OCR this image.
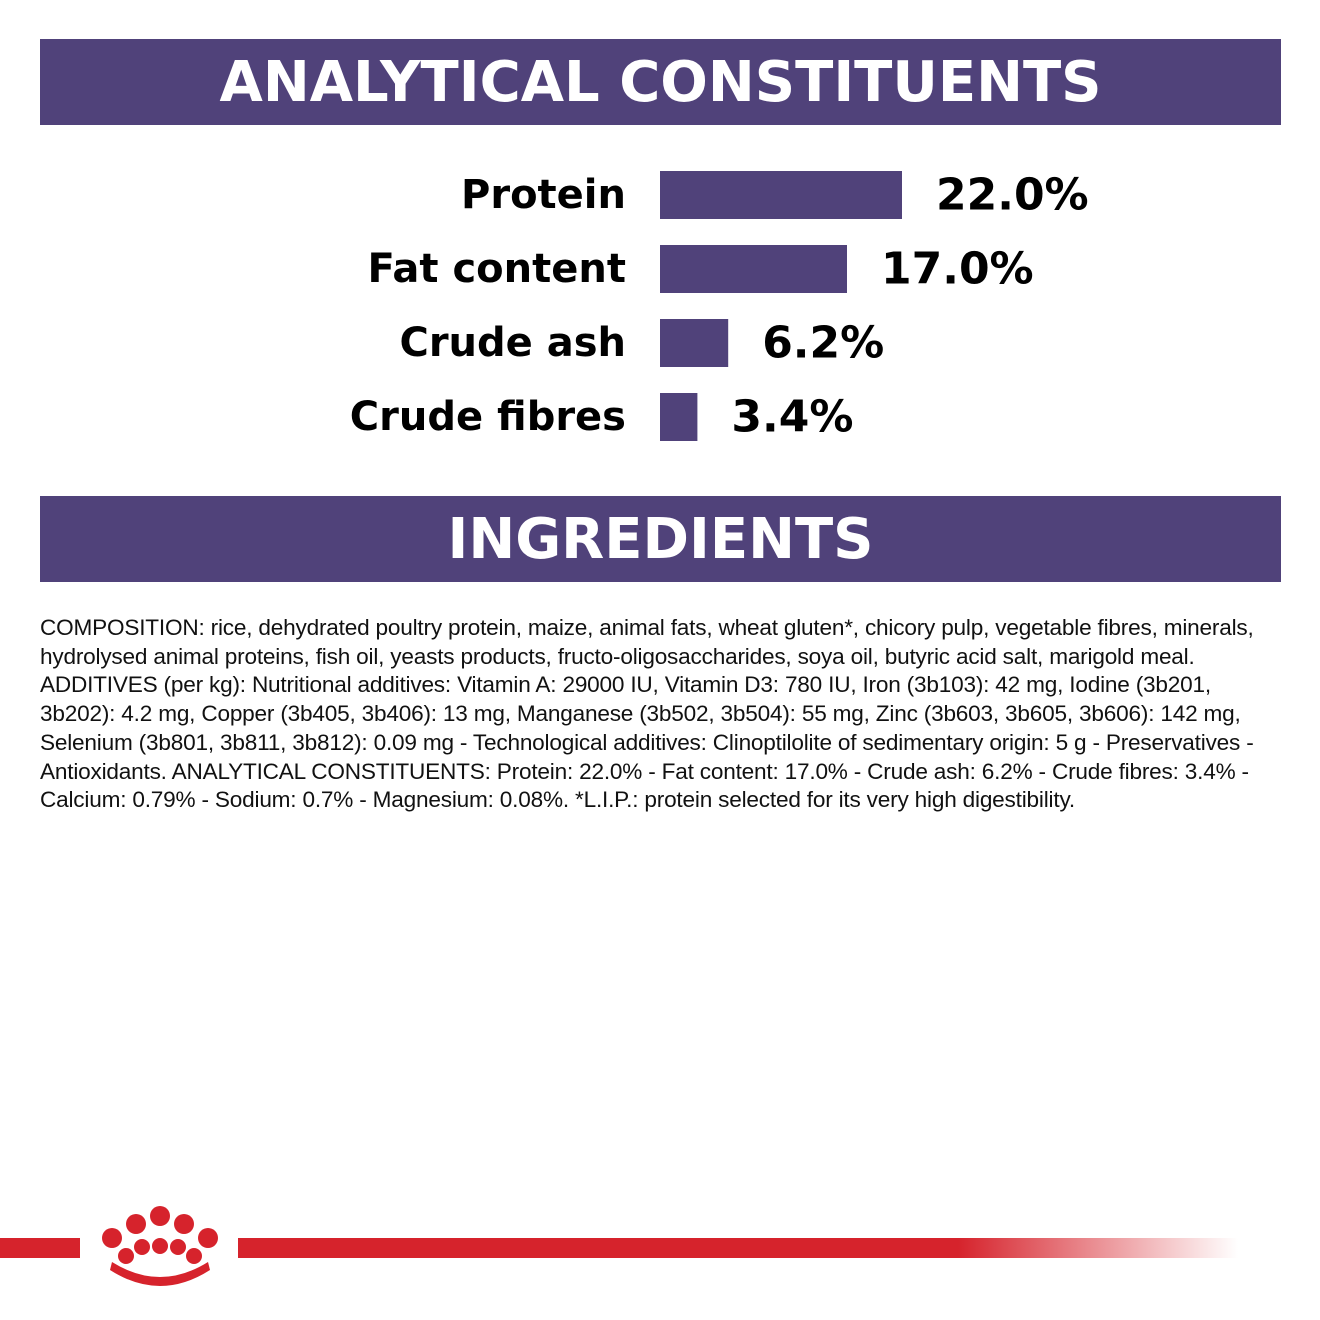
ANALYTICAL CONSTITUENTS
Protein	22.0%
Fat content	17.0%
Crude ash	6.2%
Crude fibres 3.4%
INGREDIENTS
COMPOSITION: rice, dehydrated poultry protein, maize, animal fats, wheat gluten*, chicory pulp, vegetable fibres, minerals, hydrolysed animal proteins, fish oil, yeasts products, fructo-oligosaccharides, soya oil, butyric acid salt, marigold meal. ADDITIVES (per kg): Nutritional additives: Vitamin A: 29000 IU, Vitamin D3: 780 IU, Iron (3b103): 42 mg, Iodine (3b201, 3b202): 4.2 mg, Copper (3b405, 3b406): 13 mg, Manganese (3b502, 3b504): 55 mg, Zinc (3b603, 3b605, 3b606): 142 mg, Selenium (3b801, 3b811, 3b812): 0.09 mg - Technological additives: Clinoptilolite of sedimentary origin: 5 g - Preservatives - Antioxidants. ANALYTICAL CONSTITUENTS: Protein: 22.0% - Fat content: 17.0% - Crude ash: 6.2% - Crude fibres: 3.4% - Calcium: 0.79% - Sodium: 0.7% - Magnesium: 0.08%. *L.I.P.: protein selected for its very high digestibility.
